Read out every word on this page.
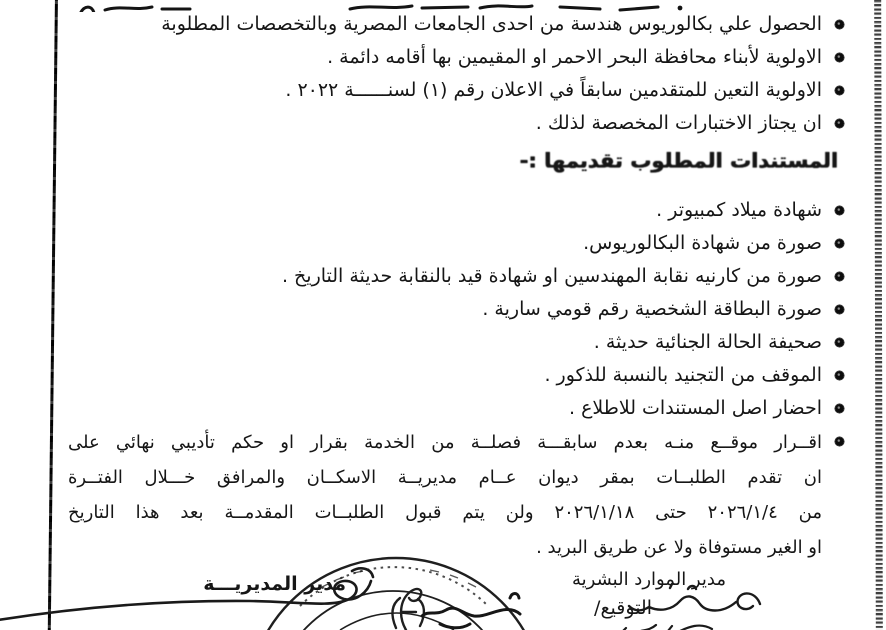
الحصول علي بكالوريوس هندسة من احدى الجامعات المصرية وبالتخصصات المطلوبة
الاولوية لأبناء محافظة البحر الاحمر او المقيمين بها أقامه دائمة .
الاولوية التعين للمتقدمين سابقاً في الاعلان رقم (١) لسنــــــة ٢٠٢٢ .
ان يجتاز الاختبارات المخصصة لذلك .
المستندات المطلوب تقديمها :-
شهادة ميلاد كمبيوتر .
صورة من شهادة البكالوريوس.
صورة من كارنيه نقابة المهندسين او شهادة قيد بالنقابة حديثة التاريخ .
صورة البطاقة الشخصية رقم قومي سارية .
صحيفة الحالة الجنائية حديثة .
الموقف من التجنيد بالنسبة للذكور .
احضار اصل المستندات للاطلاع .
اقــرار موقــع منـه بعدم سابقـــة فصلــة من الخدمة بقرار او حكم تأديبي نهائي على
ان تقدم الطلبــات بمقر ديوان عــام مديريــة الاسكــان والمرافق خـــلال الفتــرة
من ٢٠٢٦/١/٤ حتى ٢٠٢٦/١/١٨ ولن يتم قبول الطلبــات المقدمــة بعد هذا التاريخ
او الغير مستوفاة ولا عن طريق البريد .
مدير الموارد البشرية
التوقيع/
مدير المديريـــة
